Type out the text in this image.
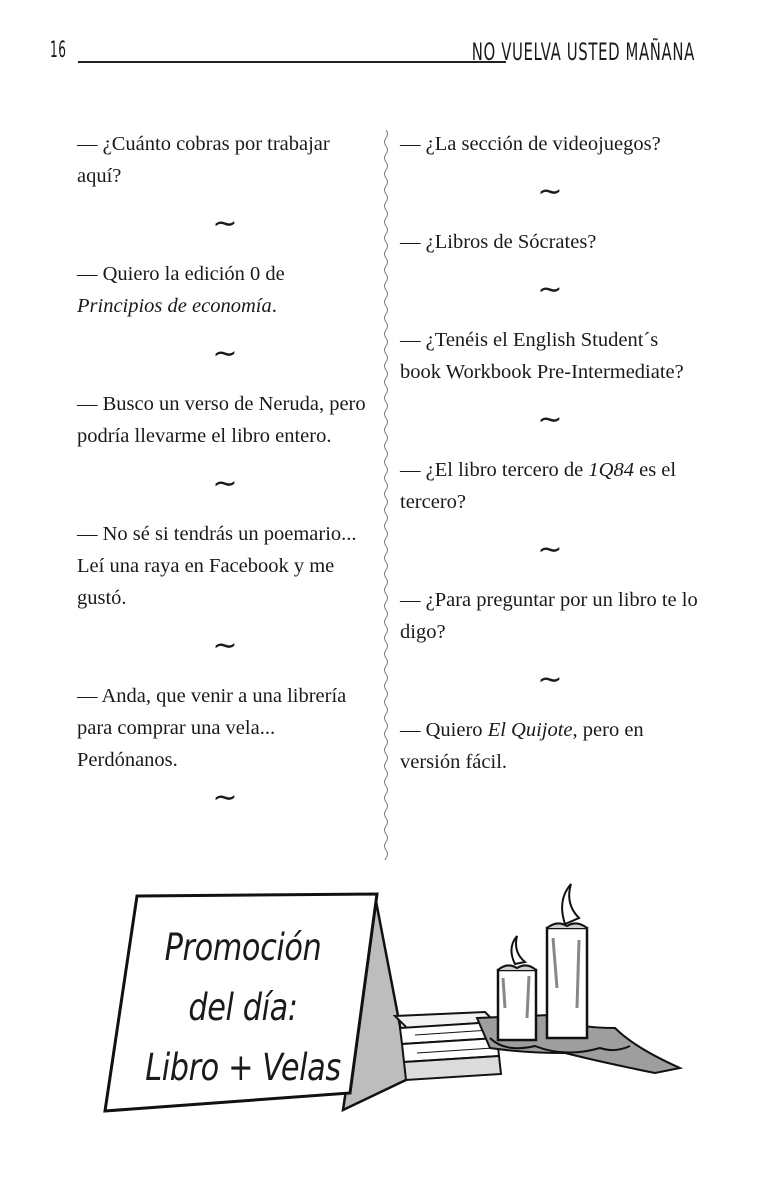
16	NO VUELVA USTED MAÑANA

— ¿Cuánto cobras por trabajar aquí?

∼

— Quiero la edición 0 de Principios de economía.

∼

— Busco un verso de Neruda, pero podría llevarme el libro entero.

∼

— No sé si tendrás un poemario... Leí una raya en Facebook y me gustó.

∼

— Anda, que venir a una librería para comprar una vela... Perdónanos.

∼

— ¿La sección de videojuegos?

∼

— ¿Libros de Sócrates?

∼

— ¿Tenéis el English Student´s book Workbook Pre-Intermediate?

∼

— ¿El libro tercero de 1Q84 es el tercero?

∼

— ¿Para preguntar por un libro te lo digo?

∼

— Quiero El Quijote, pero en versión fácil.

Promoción
del día:
Libro + Velas
